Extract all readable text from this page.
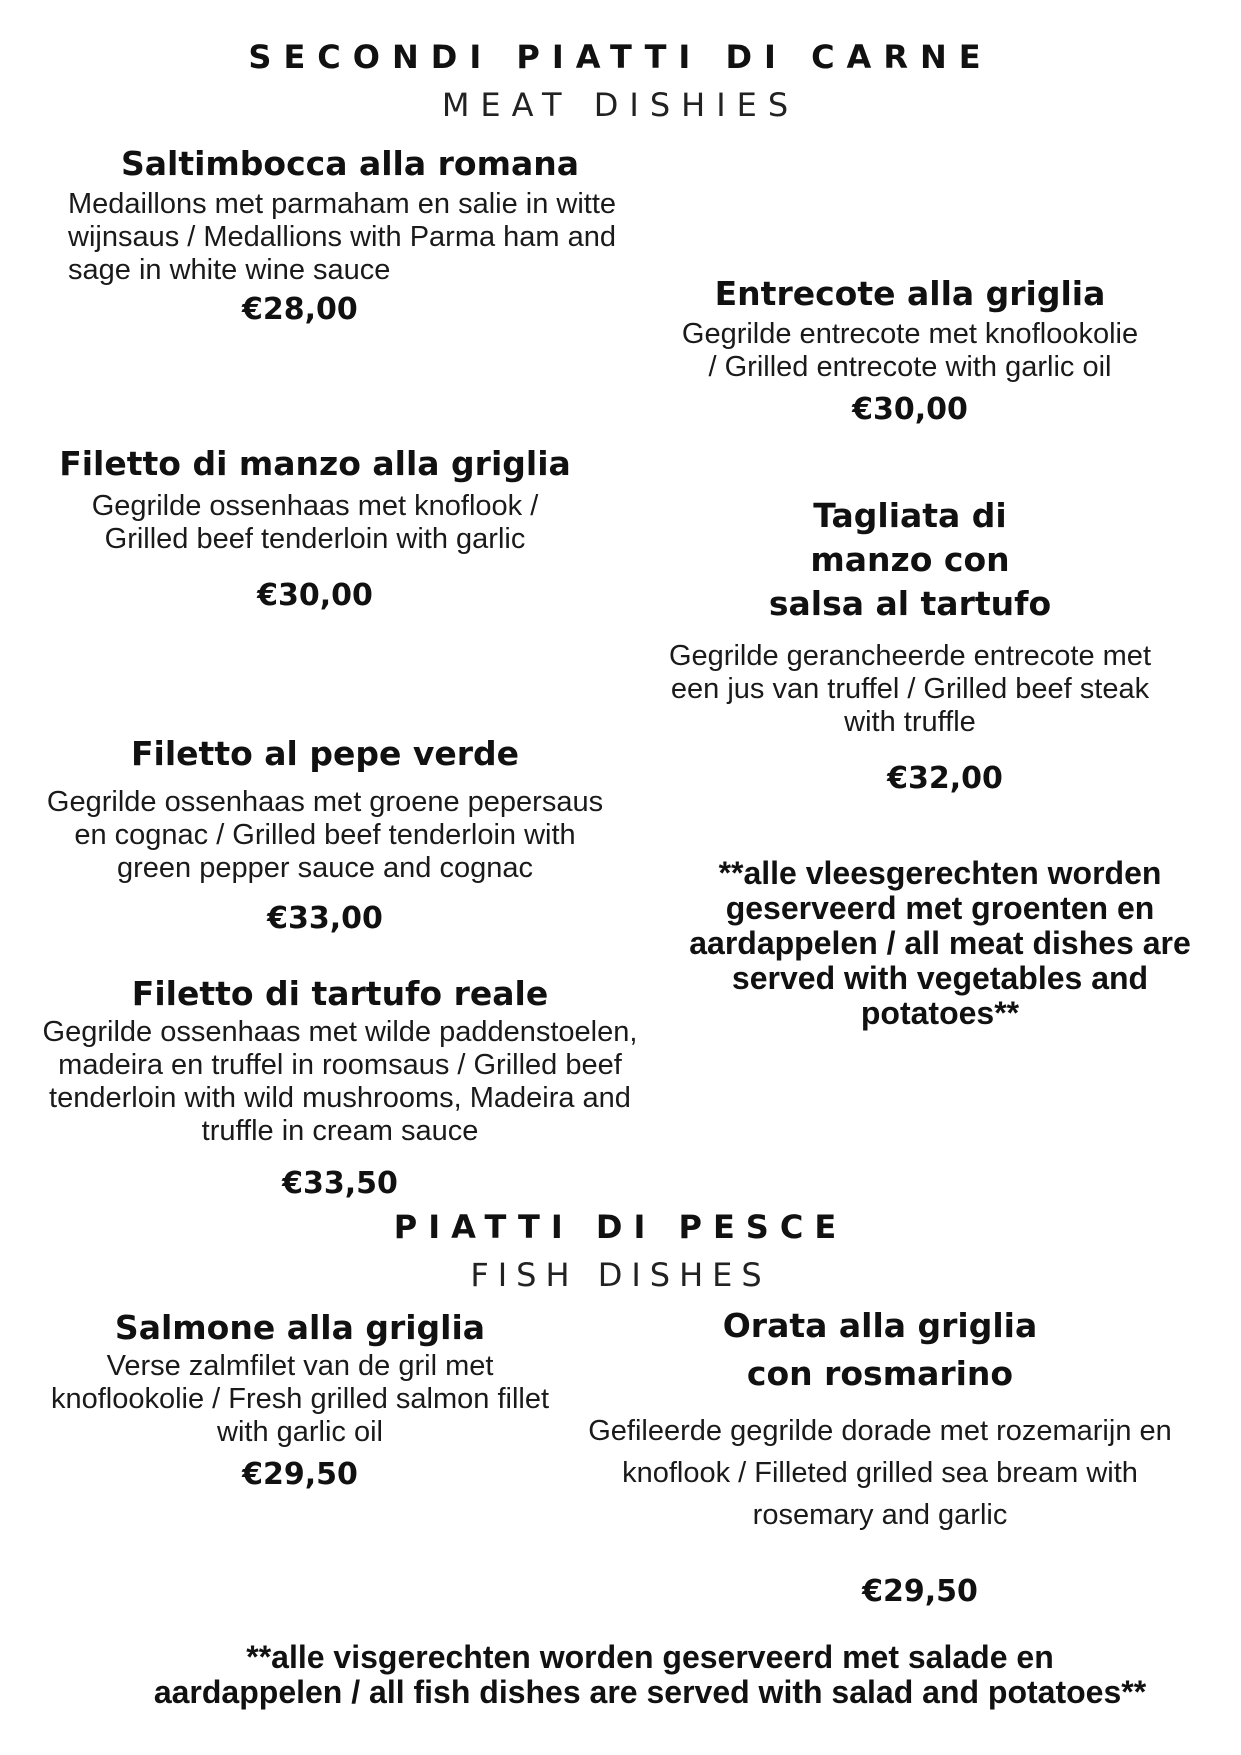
SECONDI PIATTI DI CARNE
MEAT DISHIES
Saltimbocca alla romana
Medaillons met parmaham en salie in witte wijnsaus / Medallions with Parma ham and sage in white wine sauce
€28,00	Entrecote alla griglia
Gegrilde entrecote met knoflookolie / Grilled entrecote with garlic oil
€30,00
Filetto di manzo alla griglia
Gegrilde ossenhaas met knoflook / Grilled beef tenderloin with garlic
€30,00
Tagliata di manzo con salsa al tartufo
Gegrilde gerancheerde entrecote met een jus van truffel / Grilled beef steak with truffle
€32,00
Filetto al pepe verde
Gegrilde ossenhaas met groene pepersaus en cognac / Grilled beef tenderloin with green pepper sauce and cognac
€33,00
Filetto di tartufo reale
Gegrilde ossenhaas met wilde paddenstoelen, madeira en truffel in roomsaus / Grilled beef tenderloin with wild mushrooms, Madeira and truffle in cream sauce
€33,50
**alle vleesgerechten worden geserveerd met groenten en aardappelen / all meat dishes are served with vegetables and potatoes**
PIATTI DI PESCE
FISH DISHES
Salmone alla griglia
Verse zalmfilet van de gril met knoflookolie / Fresh grilled salmon fillet with garlic oil
€29,50
Orata alla griglia con rosmarino
Gefileerde gegrilde dorade met rozemarijn en knoflook / Filleted grilled sea bream with rosemary and garlic
€29,50
**alle visgerechten worden geserveerd met salade en aardappelen / all fish dishes are served with salad and potatoes**
